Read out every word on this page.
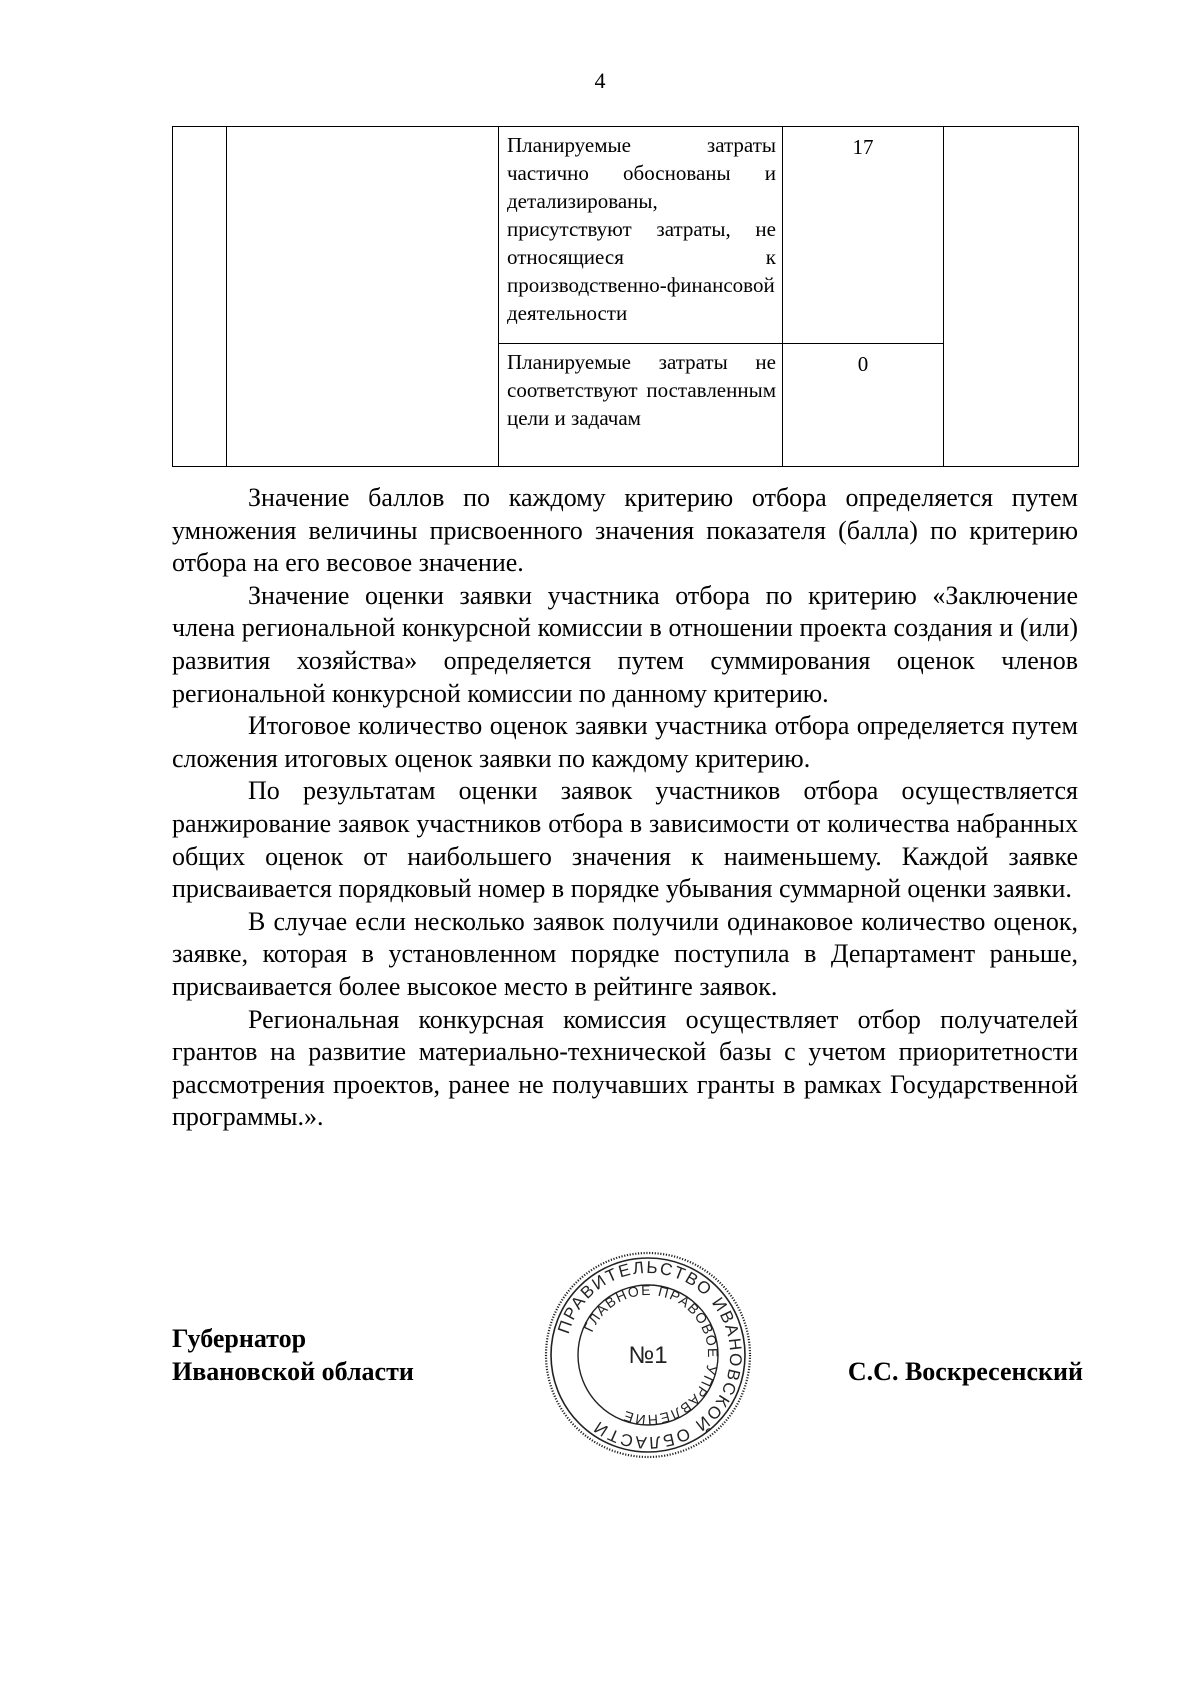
4
		Планируемые затраты частично обоснованы и детализированы, присутствуют затраты, не относящиеся к производственно-финансовой деятельности	17	
		Планируемые затраты не соответствуют поставленным цели и задачам	0	

Значение баллов по каждому критерию отбора определяется путем умножения величины присвоенного значения показателя (балла) по критерию отбора на его весовое значение.

Значение оценки заявки участника отбора по критерию «Заключение члена региональной конкурсной комиссии в отношении проекта создания и (или) развития хозяйства» определяется путем суммирования оценок членов региональной конкурсной комиссии по данному критерию.

Итоговое количество оценок заявки участника отбора определяется путем сложения итоговых оценок заявки по каждому критерию.

По результатам оценки заявок участников отбора осуществляется ранжирование заявок участников отбора в зависимости от количества набранных общих оценок от наибольшего значения к наименьшему. Каждой заявке присваивается порядковый номер в порядке убывания суммарной оценки заявки.

В случае если несколько заявок получили одинаковое количество оценок, заявке, которая в установленном порядке поступила в Департамент раньше, присваивается более высокое место в рейтинге заявок.

Региональная конкурсная комиссия осуществляет отбор получателей грантов на развитие материально-технической базы с учетом приоритетности рассмотрения проектов, ранее не получавших гранты в рамках Государственной программы.».

Губернатор
Ивановской области	С.С. Воскресенский
ПРАВИТЕЛЬСТВО ИВАНОВСКОЙ ОБЛАСТИ
ГЛАВНОЕ ПРАВОВОЕ УПРАВЛЕНИЕ
№1
